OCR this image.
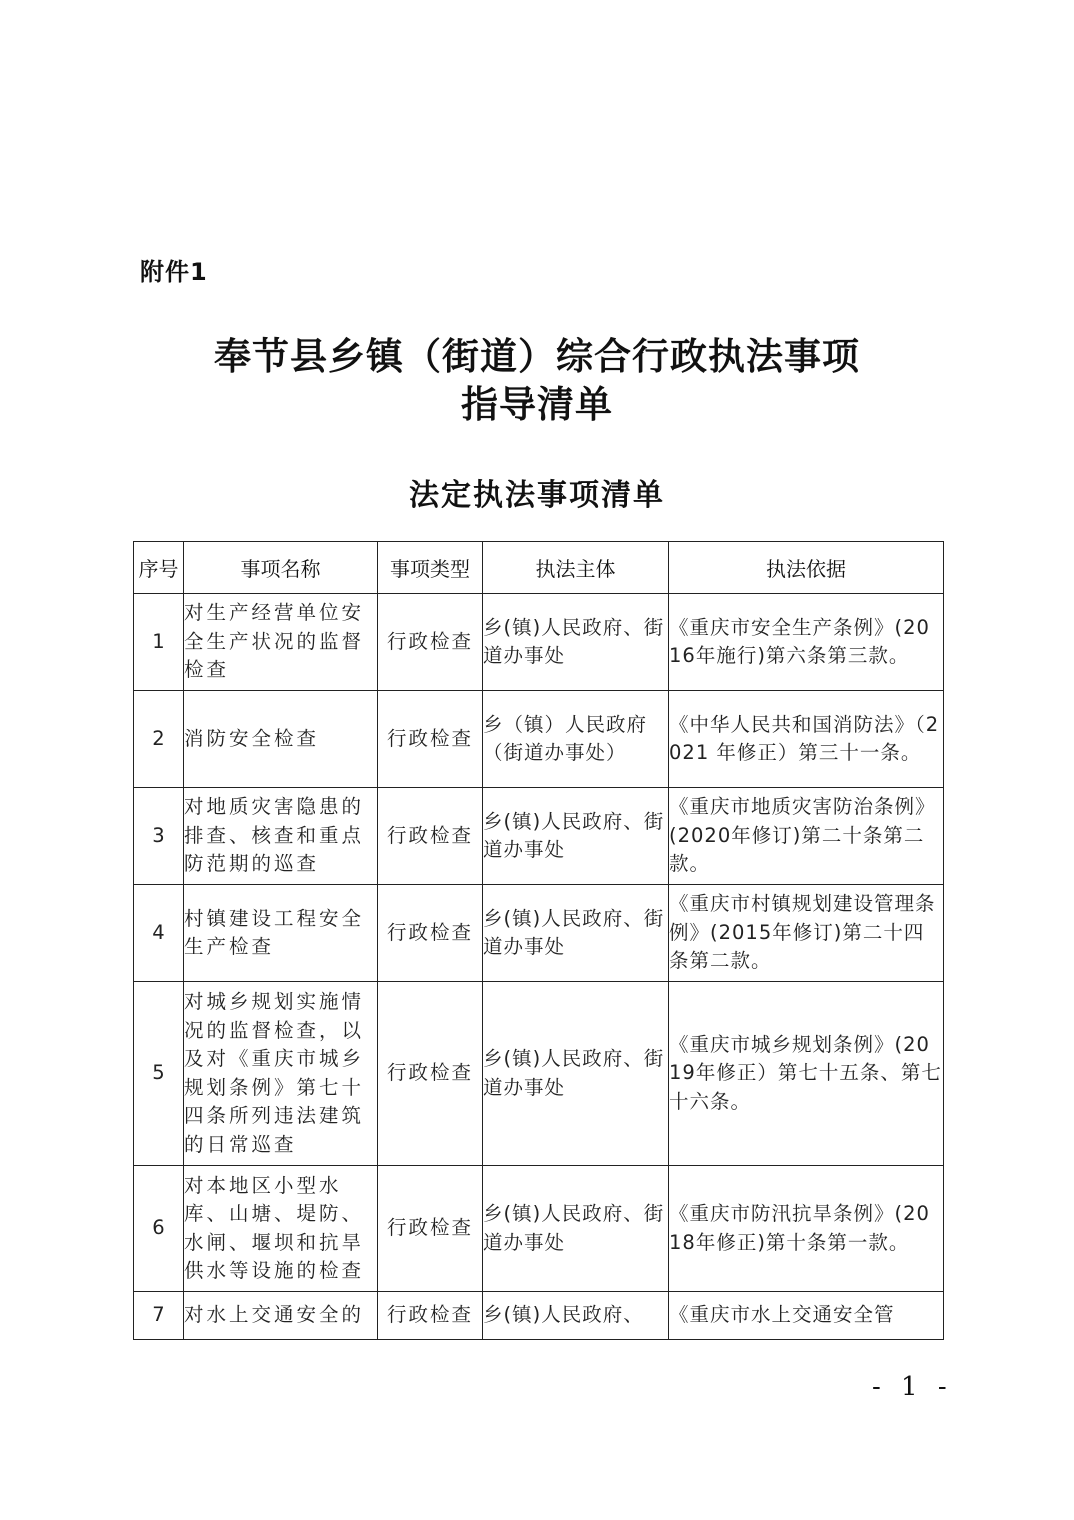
附件1
奉节县乡镇（街道）综合行政执法事项
指导清单
法定执法事项清单
序号	事项名称	事项类型	执法主体	执法依据
1	对生产经营单位安全生产状况的监督检查	行政检查	乡(镇)人民政府、街道办事处	《重庆市安全生产条例》(2016年施行)第六条第三款。
2	消防安全检查	行政检查	乡（镇）人民政府（街道办事处）	《中华人民共和国消防法》（2021 年修正）第三十一条。
3	对地质灾害隐患的排查、核查和重点防范期的巡查	行政检查	乡(镇)人民政府、街道办事处	《重庆市地质灾害防治条例》(2020年修订)第二十条第二款。
4	村镇建设工程安全生产检查	行政检查	乡(镇)人民政府、街道办事处	《重庆市村镇规划建设管理条例》(2015年修订)第二十四条第二款。
5	对城乡规划实施情况的监督检查，以及对《重庆市城乡规划条例》第七十四条所列违法建筑的日常巡查	行政检查	乡(镇)人民政府、街道办事处	《重庆市城乡规划条例》(2019年修正）第七十五条、第七十六条。
6	对本地区小型水库、山塘、堤防、水闸、堰坝和抗旱供水等设施的检查	行政检查	乡(镇)人民政府、街道办事处	《重庆市防汛抗旱条例》(2018年修正)第十条第一款。
7	对水上交通安全的	行政检查	乡(镇)人民政府、	《重庆市水上交通安全管
- 1 -
